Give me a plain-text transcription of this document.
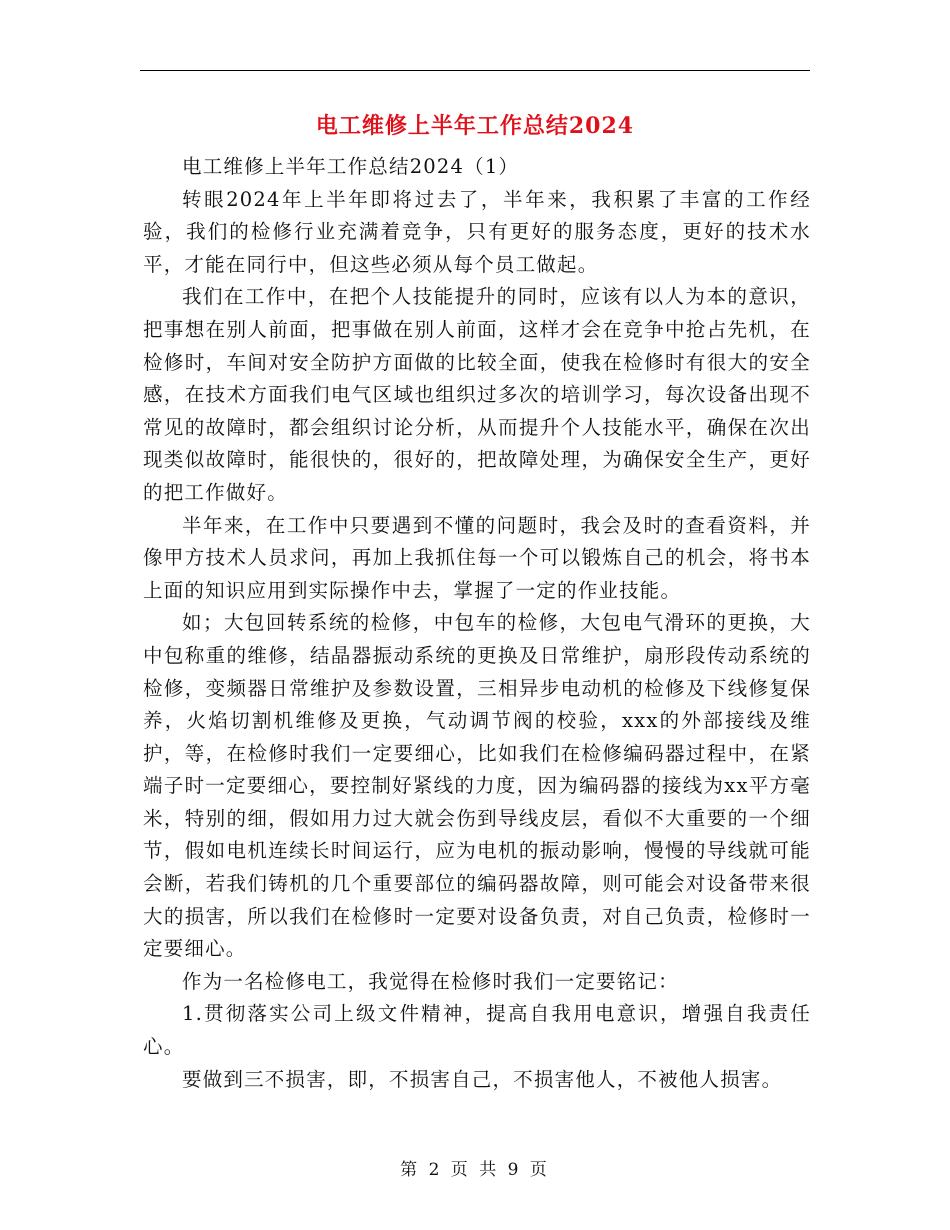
电工维修上半年工作总结2024

电工维修上半年工作总结2024（1）

转眼2024年上半年即将过去了，半年来，我积累了丰富的工作经验，我们的检修行业充满着竞争，只有更好的服务态度，更好的技术水平，才能在同行中，但这些必须从每个员工做起。

我们在工作中，在把个人技能提升的同时，应该有以人为本的意识，把事想在别人前面，把事做在别人前面，这样才会在竞争中抢占先机，在检修时，车间对安全防护方面做的比较全面，使我在检修时有很大的安全感，在技术方面我们电气区域也组织过多次的培训学习，每次设备出现不常见的故障时，都会组织讨论分析，从而提升个人技能水平，确保在次出现类似故障时，能很快的，很好的，把故障处理，为确保安全生产，更好的把工作做好。

半年来，在工作中只要遇到不懂的问题时，我会及时的查看资料，并像甲方技术人员求问，再加上我抓住每一个可以锻炼自己的机会，将书本上面的知识应用到实际操作中去，掌握了一定的作业技能。

如；大包回转系统的检修，中包车的检修，大包电气滑环的更换，大中包称重的维修，结晶器振动系统的更换及日常维护，扇形段传动系统的检修，变频器日常维护及参数设置，三相异步电动机的检修及下线修复保养，火焰切割机维修及更换，气动调节阀的校验，xxx的外部接线及维护，等，在检修时我们一定要细心，比如我们在检修编码器过程中，在紧端子时一定要细心，要控制好紧线的力度，因为编码器的接线为xx平方毫米，特别的细，假如用力过大就会伤到导线皮层，看似不大重要的一个细节，假如电机连续长时间运行，应为电机的振动影响，慢慢的导线就可能会断，若我们铸机的几个重要部位的编码器故障，则可能会对设备带来很大的损害，所以我们在检修时一定要对设备负责，对自己负责，检修时一定要细心。

作为一名检修电工，我觉得在检修时我们一定要铭记：

1.贯彻落实公司上级文件精神，提高自我用电意识，增强自我责任心。

要做到三不损害，即，不损害自己，不损害他人，不被他人损害。

第 2 页 共 9 页
